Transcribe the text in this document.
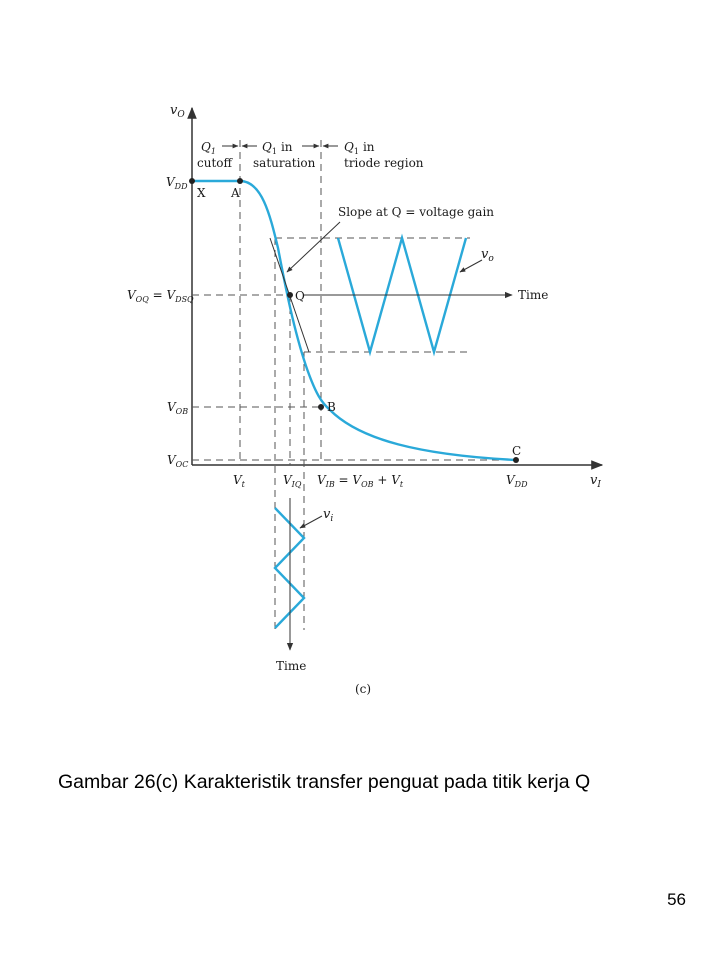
$v_O$
$v_I$
$Q_1$
cutoff
$Q_1$ in
saturation
$Q_1$ in
triode region
X A
Q
B
C
$V_{DD}$
$V_{OQ} = V_{DSQ}$
$V_{OB}$
$V_{OC}$
$V_t$	$V_{IQ}$ $V_{IB} = V_{OB} + V_t$	$V_{DD}$
Slope at Q = voltage gain
Time
$v_o$
Time
$v_i$
(c)
Gambar 26(c) Karakteristik transfer penguat pada titik kerja Q
56
